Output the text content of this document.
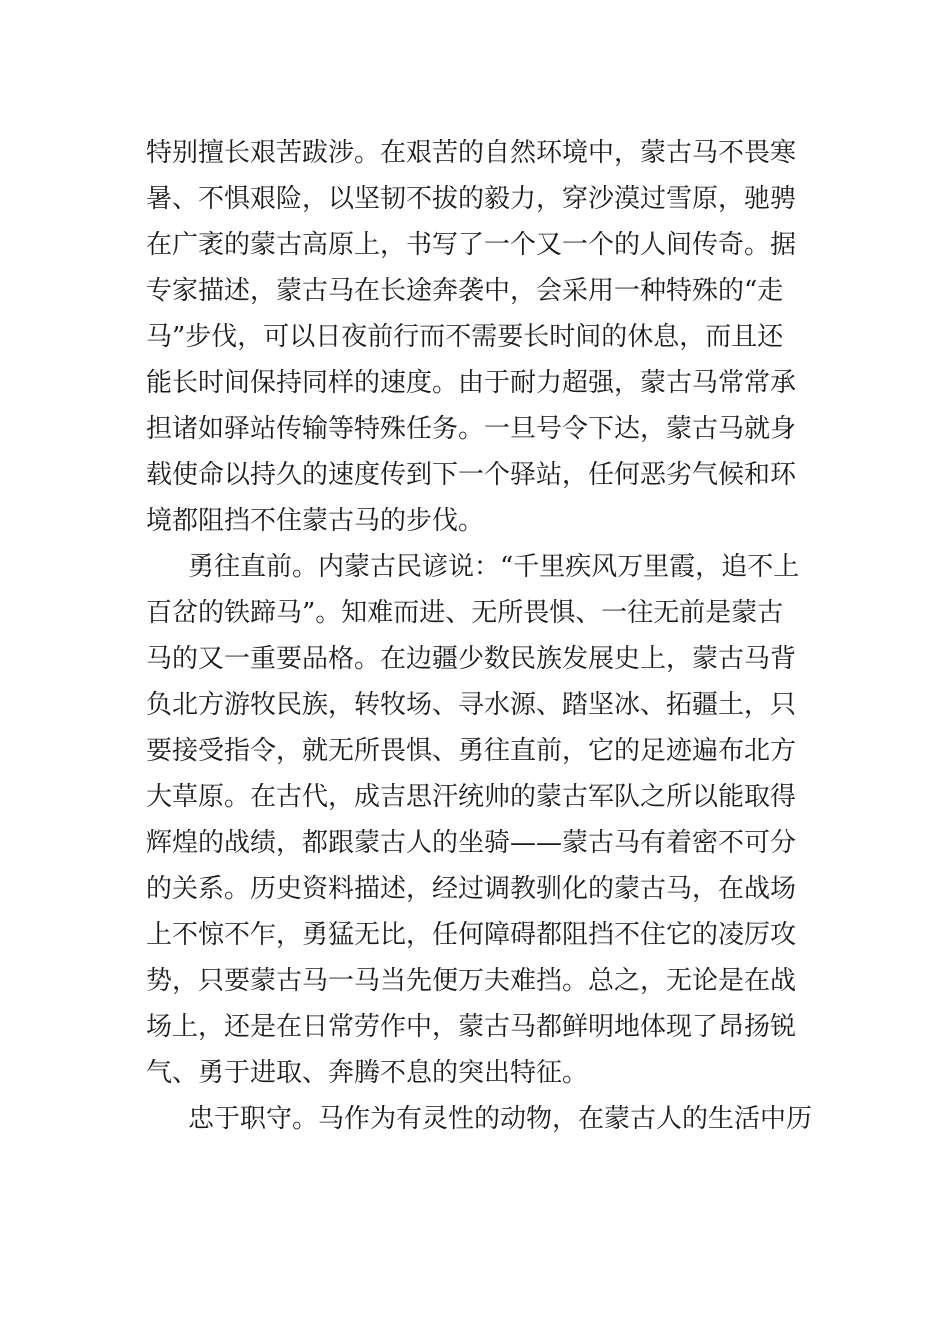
特别擅长艰苦跋涉。在艰苦的自然环境中，蒙古马不畏寒
暑、不惧艰险，以坚韧不拔的毅力，穿沙漠过雪原，驰骋
在广袤的蒙古高原上，书写了一个又一个的人间传奇。据
专家描述，蒙古马在长途奔袭中，会采用一种特殊的“走
马”步伐，可以日夜前行而不需要长时间的休息，而且还
能长时间保持同样的速度。由于耐力超强，蒙古马常常承
担诸如驿站传输等特殊任务。一旦号令下达，蒙古马就身
载使命以持久的速度传到下一个驿站，任何恶劣气候和环
境都阻挡不住蒙古马的步伐。
勇往直前。内蒙古民谚说：“千里疾风万里霞，追不上
百岔的铁蹄马”。知难而进、无所畏惧、一往无前是蒙古
马的又一重要品格。在边疆少数民族发展史上，蒙古马背
负北方游牧民族，转牧场、寻水源、踏坚冰、拓疆土，只
要接受指令，就无所畏惧、勇往直前，它的足迹遍布北方
大草原。在古代，成吉思汗统帅的蒙古军队之所以能取得
辉煌的战绩，都跟蒙古人的坐骑——蒙古马有着密不可分
的关系。历史资料描述，经过调教驯化的蒙古马，在战场
上不惊不乍，勇猛无比，任何障碍都阻挡不住它的凌厉攻
势，只要蒙古马一马当先便万夫难挡。总之，无论是在战
场上，还是在日常劳作中，蒙古马都鲜明地体现了昂扬锐
气、勇于进取、奔腾不息的突出特征。
忠于职守。马作为有灵性的动物，在蒙古人的生活中历
